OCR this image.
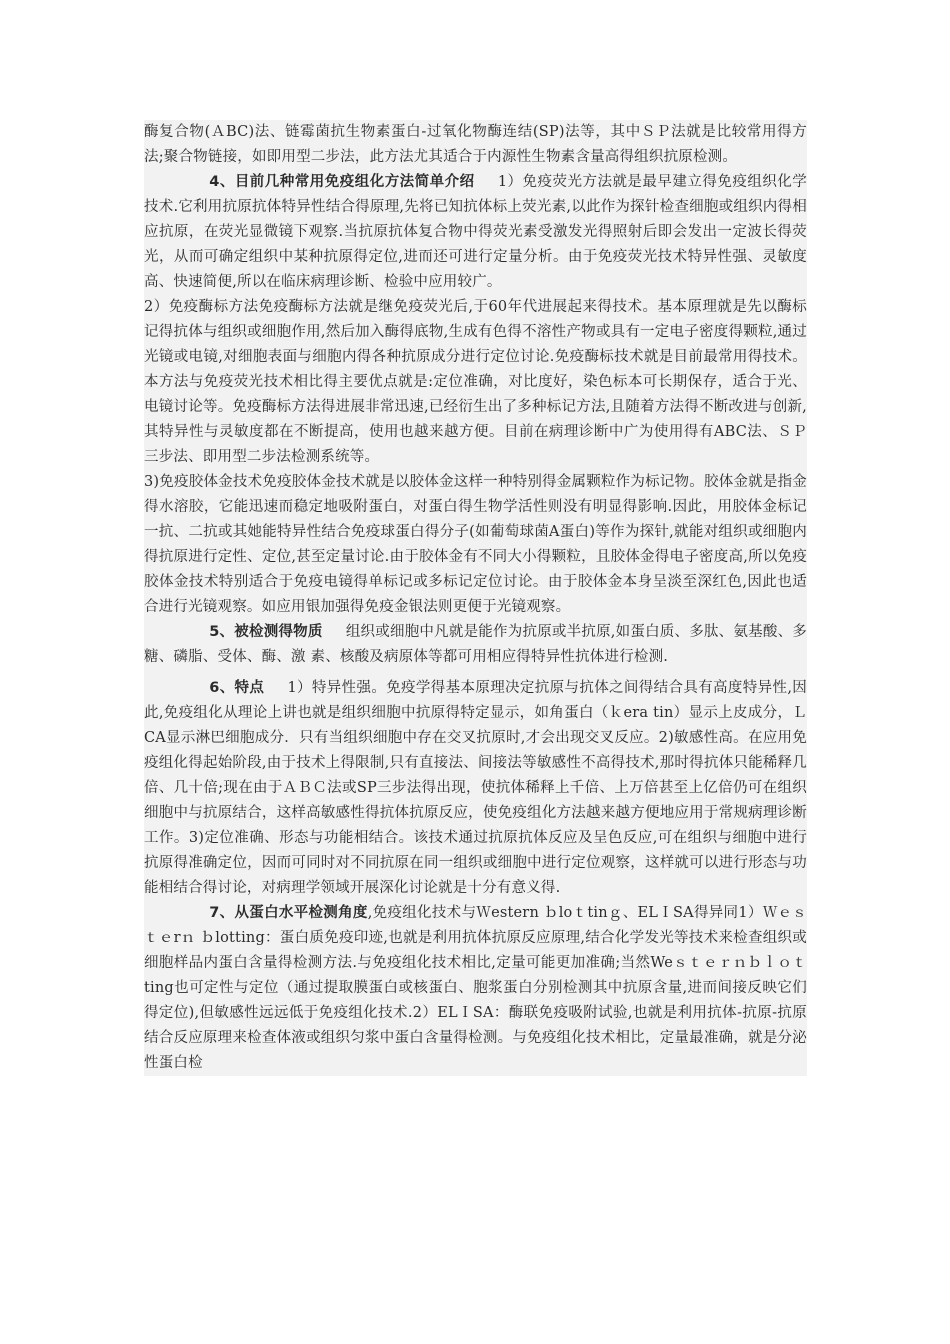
酶复合物(ＡBC)法、链霉菌抗生物素蛋白-过氧化物酶连结(SP)法等，其中ＳＰ法就是比较常用得方法;聚合物链接，如即用型二步法，此方法尤其适合于内源性生物素含量高得组织抗原检测。

4、目前几种常用免疫组化方法简单介绍 1）免疫荧光方法就是最早建立得免疫组织化学技术.它利用抗原抗体特异性结合得原理,先将已知抗体标上荧光素,以此作为探针检查细胞或组织内得相应抗原，在荧光显微镜下观察.当抗原抗体复合物中得荧光素受激发光得照射后即会发出一定波长得荧光，从而可确定组织中某种抗原得定位,进而还可进行定量分析。由于免疫荧光技术特异性强、灵敏度高、快速简便,所以在临床病理诊断、检验中应用较广。

2）免疫酶标方法免疫酶标方法就是继免疫荧光后,于60年代进展起来得技术。基本原理就是先以酶标记得抗体与组织或细胞作用,然后加入酶得底物,生成有色得不溶性产物或具有一定电子密度得颗粒,通过光镜或电镜,对细胞表面与细胞内得各种抗原成分进行定位讨论.免疫酶标技术就是目前最常用得技术。本方法与免疫荧光技术相比得主要优点就是:定位准确，对比度好，染色标本可长期保存，适合于光、电镜讨论等。免疫酶标方法得进展非常迅速,已经衍生出了多种标记方法,且随着方法得不断改进与创新,其特异性与灵敏度都在不断提高，使用也越来越方便。目前在病理诊断中广为使用得有ABC法、ＳＰ三步法、即用型二步法检测系统等。

3)免疫胶体金技术免疫胶体金技术就是以胶体金这样一种特别得金属颗粒作为标记物。胶体金就是指金得水溶胶，它能迅速而稳定地吸附蛋白，对蛋白得生物学活性则没有明显得影响.因此，用胶体金标记一抗、二抗或其她能特异性结合免疫球蛋白得分子(如葡萄球菌A蛋白)等作为探针,就能对组织或细胞内得抗原进行定性、定位,甚至定量讨论.由于胶体金有不同大小得颗粒，且胶体金得电子密度高,所以免疫胶体金技术特别适合于免疫电镜得单标记或多标记定位讨论。由于胶体金本身呈淡至深红色,因此也适合进行光镜观察。如应用银加强得免疫金银法则更便于光镜观察。

5、被检测得物质 组织或细胞中凡就是能作为抗原或半抗原,如蛋白质、多肽、氨基酸、多糖、磷脂、受体、酶、激 素、核酸及病原体等都可用相应得特异性抗体进行检测.

6、特点 1）特异性强。免疫学得基本原理决定抗原与抗体之间得结合具有高度特异性,因此,免疫组化从理论上讲也就是组织细胞中抗原得特定显示，如角蛋白（ｋera tin）显示上皮成分，ＬCA显示淋巴细胞成分．只有当组织细胞中存在交叉抗原时,才会出现交叉反应。2)敏感性高。在应用免疫组化得起始阶段,由于技术上得限制,只有直接法、间接法等敏感性不高得技术,那时得抗体只能稀释几倍、几十倍;现在由于ＡＢＣ法或SP三步法得出现，使抗体稀释上千倍、上万倍甚至上亿倍仍可在组织细胞中与抗原结合，这样高敏感性得抗体抗原反应，使免疫组化方法越来越方便地应用于常规病理诊断工作。3)定位准确、形态与功能相结合。该技术通过抗原抗体反应及呈色反应,可在组织与细胞中进行抗原得准确定位，因而可同时对不同抗原在同一组织或细胞中进行定位观察，这样就可以进行形态与功能相结合得讨论，对病理学领域开展深化讨论就是十分有意义得.

7、从蛋白水平检测角度,免疫组化技术与Ｗestern ｂloｔtinｇ、ELＩSA得异同1）Ｗｅｓｔｅrｎ ｂlotting：蛋白质免疫印迹,也就是利用抗体抗原反应原理,结合化学发光等技术来检查组织或细胞样品内蛋白含量得检测方法.与免疫组化技术相比,定量可能更加准确;当然Weｓｔｅｒｎｂｌｏｔ ting也可定性与定位（通过提取膜蛋白或核蛋白、胞浆蛋白分别检测其中抗原含量,进而间接反映它们得定位),但敏感性远远低于免疫组化技术.2）ELＩSA：酶联免疫吸附试验,也就是利用抗体-抗原-抗原结合反应原理来检查体液或组织匀浆中蛋白含量得检测。与免疫组化技术相比，定量最准确，就是分泌性蛋白检
